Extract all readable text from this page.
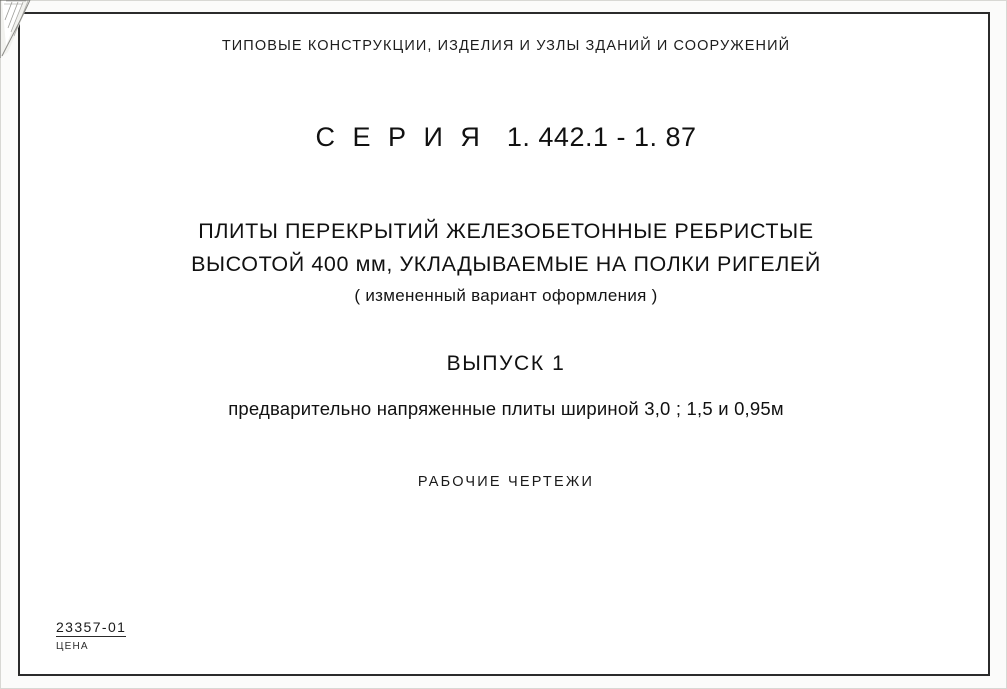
ТИПОВЫЕ КОНСТРУКЦИИ, ИЗДЕЛИЯ И УЗЛЫ ЗДАНИЙ И СООРУЖЕНИЙ
С Е Р И Я 1. 442.1 - 1. 87
ПЛИТЫ ПЕРЕКРЫТИЙ ЖЕЛЕЗОБЕТОННЫЕ РЕБРИСТЫЕ
ВЫСОТОЙ 400 мм, УКЛАДЫВАЕМЫЕ НА ПОЛКИ РИГЕЛЕЙ
( измененный вариант оформления )
ВЫПУСК 1
предварительно напряженные плиты шириной 3,0 ; 1,5 и 0,95м
РАБОЧИЕ ЧЕРТЕЖИ
23357-01
ЦЕНА
